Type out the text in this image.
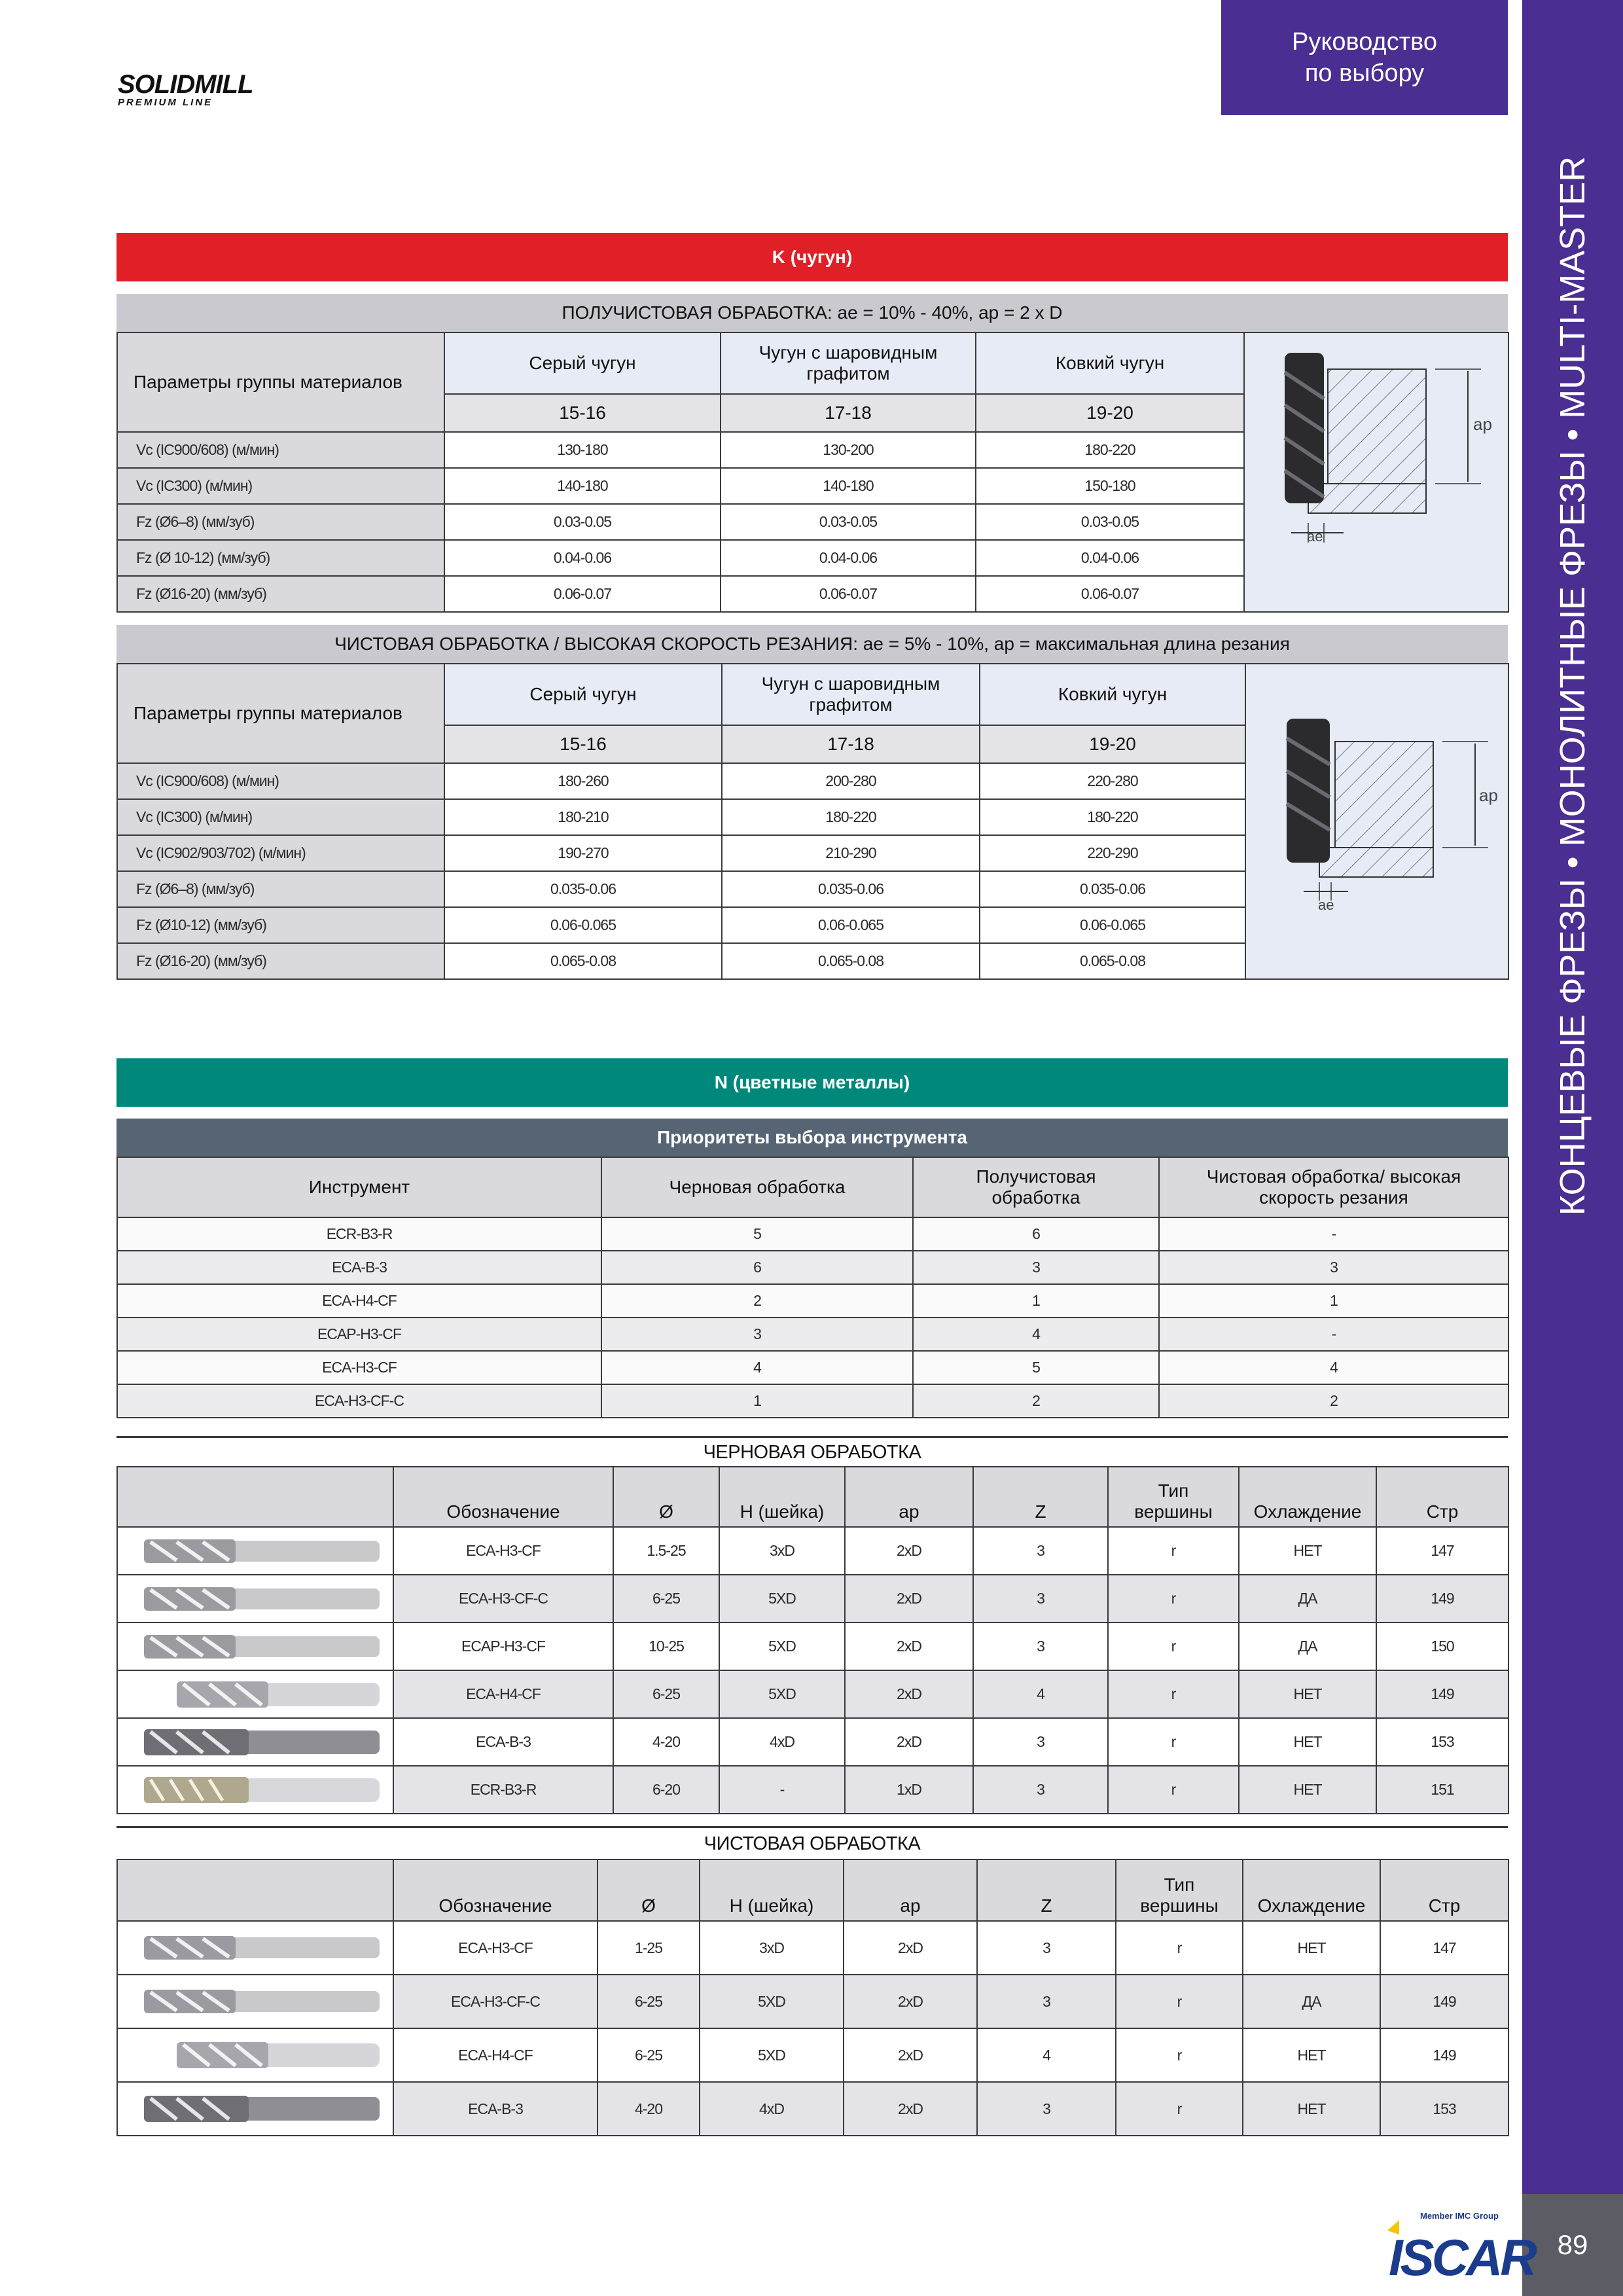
SOLIDMILL
PREMIUM LINE
Руководство
по выбору
КОНЦЕВЫЕ ФРЕЗЫ • МОНОЛИТНЫЕ ФРЕЗЫ • MULTI-MASTER
89
Member IMC Group
ISCAR
K (чугун)
ПОЛУЧИСТОВАЯ ОБРАБОТКА: ae = 10% - 40%, ap = 2 x D
Параметры группы материалов	Серый чугун	Чугун с шаровидным графитом	Ковкий чугун	ap
ae

	15-16	17-18	19-20	
Vc (IC900/608) (м/мин)	130-180	130-200	180-220	
Vc (IC300) (м/мин)	140-180	140-180	150-180	
Fz (Ø6–8) (мм/зуб)	0.03-0.05	0.03-0.05	0.03-0.05	
Fz (Ø 10-12) (мм/зуб)	0.04-0.06	0.04-0.06	0.04-0.06	
Fz (Ø16-20) (мм/зуб)	0.06-0.07	0.06-0.07	0.06-0.07	
ЧИСТОВАЯ ОБРАБОТКА / ВЫСОКАЯ СКОРОСТЬ РЕЗАНИЯ: ae = 5% - 10%, ap = максимальная длина резания
Параметры группы материалов	Серый чугун	Чугун с шаровидным графитом	Ковкий чугун	ap
ae

	15-16	17-18	19-20	
Vc (IC900/608) (м/мин)	180-260	200-280	220-280	
Vc (IC300) (м/мин)	180-210	180-220	180-220	
Vc (IC902/903/702) (м/мин)	190-270	210-290	220-290	
Fz (Ø6–8) (мм/зуб)	0.035-0.06	0.035-0.06	0.035-0.06	
Fz (Ø10-12) (мм/зуб)	0.06-0.065	0.06-0.065	0.06-0.065	
Fz (Ø16-20) (мм/зуб)	0.065-0.08	0.065-0.08	0.065-0.08	
N (цветные металлы)
Приоритеты выбора инструмента
Инструмент	Черновая обработка	Получистовая обработка	Чистовая обработка/ высокая скорость резания
ECR-B3-R	5	6	-
ECA-B-3	6	3	3
ECA-H4-CF	2	1	1
ECAP-H3-CF	3	4	-
ECA-H3-CF	4	5	4
ECA-H3-CF-C	1	2	2
ЧЕРНОВАЯ ОБРАБОТКА
	Обозначение	Ø	H (шейка)	ap	Z	Тип вершины	Охлаждение	Стр

	ECA-H3-CF	1.5-25	3xD	2xD	3	r	НЕТ	147

	ECA-H3-CF-C	6-25	5XD	2xD	3	r	ДА	149

	ECAP-H3-CF	10-25	5XD	2xD	3	r	ДА	150

	ECA-H4-CF	6-25	5XD	2xD	4	r	НЕТ	149

	ECA-B-3	4-20	4xD	2xD	3	r	НЕТ	153

	ECR-B3-R	6-20	-	1xD	3	r	НЕТ	151
ЧИСТОВАЯ ОБРАБОТКА
	Обозначение	Ø	H (шейка)	ap	Z	Тип вершины	Охлаждение	Стр

	ECA-H3-CF	1-25	3xD	2xD	3	r	НЕТ	147

	ECA-H3-CF-C	6-25	5XD	2xD	3	r	ДА	149

	ECA-H4-CF	6-25	5XD	2xD	4	r	НЕТ	149

	ECA-B-3	4-20	4xD	2xD	3	r	НЕТ	153
